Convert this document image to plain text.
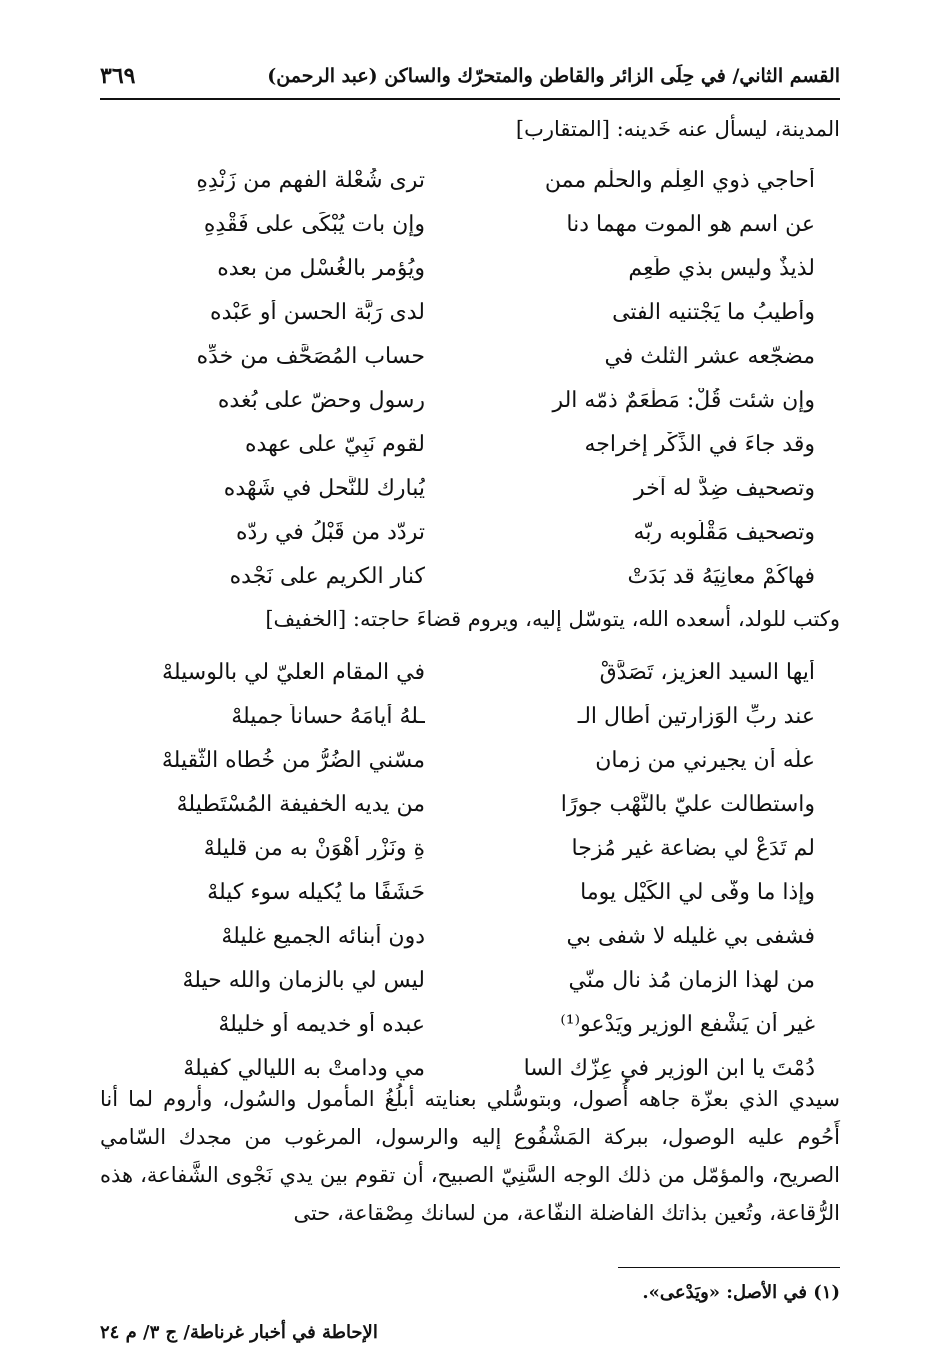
القسم الثاني/ في حِلَى الزائر والقاطن والمتحرّك والساكن (عبد الرحمن)
٣٦٩
المدينة، ليسأل عنه خَدينه: [المتقارب]
أُحاجي ذوي العِلْم والحلْم ممن
ترى شُعْلة الفهم من زَنْدِهِ
عن اسم هو الموت مهما دنا
وإن بات يُبْكَى على فَقْدِهِ
لذيذٌ وليس بذي طَعِم
ويُؤمر بالغُسْل من بعده
وأطيبُ ما يَجْتنيه الفتى
لدى رَبَّة الحسن أو عَبْده
مضجّعه عشر الثلث في
حساب المُصَحَّف من خدِّه
وإن شئت قُلْ: مَطْعَمٌ ذمّه الر
رسول وحضّ على بُغده
وقد جاءَ في الذِّكْر إخراجه
لقوم نَبِيّ على عهده
وتصحيف ضِدٌّ له آخر
يُبارك للنَّحل في شَهْده
وتصحيف مَقْلُوبه ربّه
تردّد من قَبْلُ في ردّه
فهاكُمْ معانِيَهُ قد بَدَتْ
كنار الكريم على نَجْده
وكتب للولد، أسعده الله، يتوسّل إليه، ويروم قضاءَ حاجته: [الخفيف]
أيها السيد العزيز، تَصَدَّقْ
في المقام العليّ لي بالوسيلهْ
عند ربِّ الوَزارتين أطال الـ
ـلهُ أيامَهُ حساناً جميلهْ
علّه أن يجيرني من زمان
مسّني الضُرُّ من خُطاه الثَّقيلهْ
واستطالت عليّ بالنَّهْب جورًا
من يديه الخفيفة المُسْتَطيلهْ
لم تَدَعْ لي بضاعة غير مُزجا
ةِ ونَزْرٍ أَهْوَنْ به من قليلهْ
وإذا ما وفّى لي الكَيْل يوما
حَشَفًا ما يُكيله سوء كيلهْ
فشفى بي غليله لا شفى بي
دون أبنائه الجميع غليلهْ
من لهذا الزمان مُذ نال منّي
ليس لي بالزمان والله حيلهْ
غير أن يَشْفع الوزير ويَدْعو⁽¹⁾
عبده أو خديمه أو خليلهْ
دُمْتَ يا ابن الوزير في عِزّك السا
مي ودامتْ به الليالي كفيلهْ
سيدي الذي بعزّة جاهه أُصول، وبتوسُّلي بعنايته أبلُغُ المأمول والسُول، وأروم لما أنا أَحُوم عليه الوصول، ببركة المَشْفُوع إليه والرسول، المرغوب من مجدك السّامي الصريح، والمؤمّل من ذلك الوجه السَّنِيّ الصبيح، أن تقوم بين يدي نَجْوى الشَّفاعة، هذه الرُّقاعة، وتُعين بذاتك الفاضلة النفّاعة، من لسانك مِصْقاعة، حتى
(١) في الأصل: «ويَدْعى».
الإحاطة في أخبار غرناطة/ ج ٣/ م ٢٤
